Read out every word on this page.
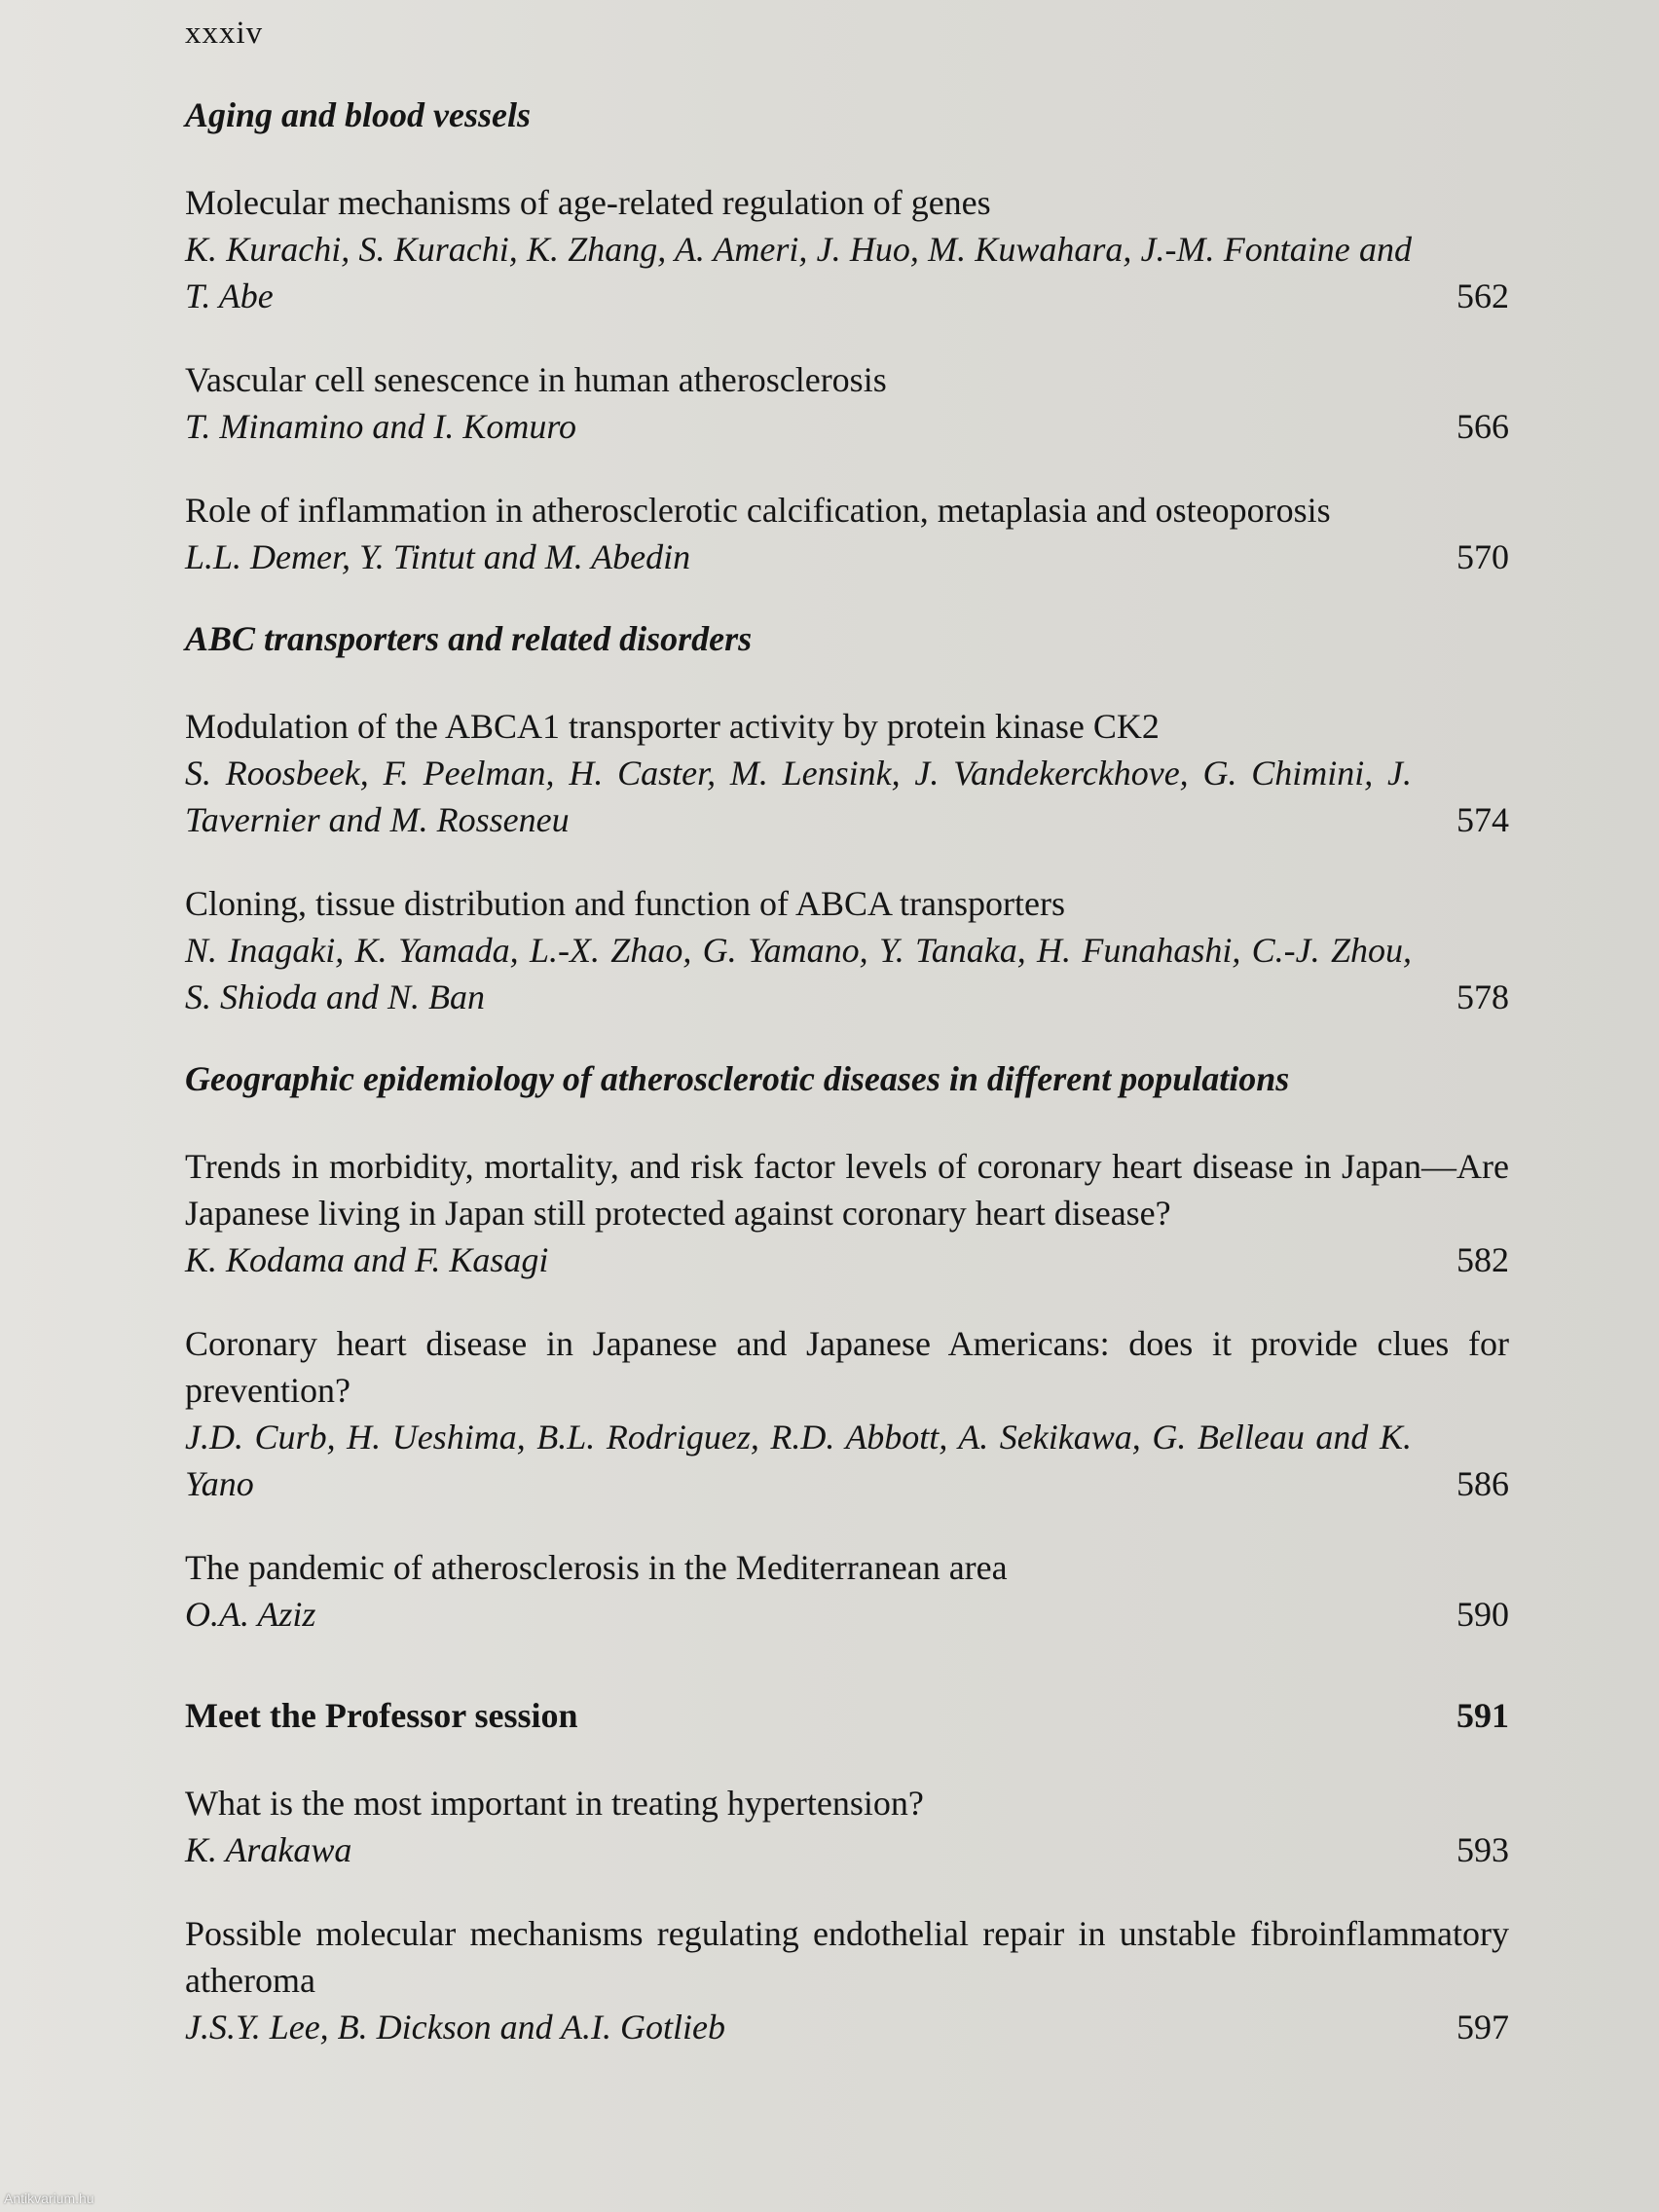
xxxiv
Aging and blood vessels
Molecular mechanisms of age-related regulation of genes
K. Kurachi, S. Kurachi, K. Zhang, A. Ameri, J. Huo, M. Kuwahara, J.-M. Fontaine and T. Abe	562
Vascular cell senescence in human atherosclerosis
T. Minamino and I. Komuro	566
Role of inflammation in atherosclerotic calcification, metaplasia and osteoporosis
L.L. Demer, Y. Tintut and M. Abedin	570
ABC transporters and related disorders
Modulation of the ABCA1 transporter activity by protein kinase CK2
S. Roosbeek, F. Peelman, H. Caster, M. Lensink, J. Vandekerckhove, G. Chimini, J. Tavernier and M. Rosseneu	574
Cloning, tissue distribution and function of ABCA transporters
N. Inagaki, K. Yamada, L.-X. Zhao, G. Yamano, Y. Tanaka, H. Funahashi, C.-J. Zhou, S. Shioda and N. Ban	578
Geographic epidemiology of atherosclerotic diseases in different populations
Trends in morbidity, mortality, and risk factor levels of coronary heart disease in Japan—Are Japanese living in Japan still protected against coronary heart disease?
K. Kodama and F. Kasagi	582
Coronary heart disease in Japanese and Japanese Americans: does it provide clues for prevention?
J.D. Curb, H. Ueshima, B.L. Rodriguez, R.D. Abbott, A. Sekikawa, G. Belleau and K. Yano	586
The pandemic of atherosclerosis in the Mediterranean area
O.A. Aziz	590
Meet the Professor session	591
What is the most important in treating hypertension?
K. Arakawa	593
Possible molecular mechanisms regulating endothelial repair in unstable fibroinflammatory atheroma
J.S.Y. Lee, B. Dickson and A.I. Gotlieb	597
Antikvarium.hu
